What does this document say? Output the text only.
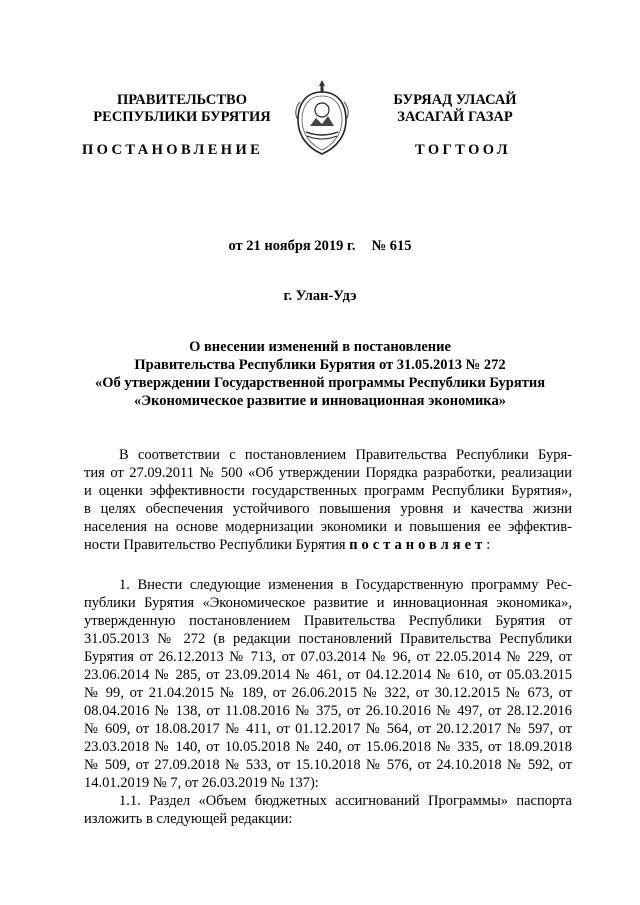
ПРАВИТЕЛЬСТВО
РЕСПУБЛИКИ БУРЯТИЯ
БУРЯАД УЛАСАЙ
ЗАСАГАЙ ГАЗАР
ПОСТАНОВЛЕНИЕ	ТОГТООЛ
от 21 ноября 2019 г. № 615
г. Улан-Удэ
О внесении изменений в постановление
Правительства Республики Бурятия от 31.05.2013 № 272
«Об утверждении Государственной программы Республики Бурятия
«Экономическое развитие и инновационная экономика»
В соответствии с постановлением Правительства Республики Буря-
тия от 27.09.2011 № 500 «Об утверждении Порядка разработки, реализации
и оценки эффективности государственных программ Республики Бурятия»,
в целях обеспечения устойчивого повышения уровня и качества жизни
населения на основе модернизации экономики и повышения ее эффектив-
ности Правительство Республики Бурятия постановляет:
1. Внести следующие изменения в Государственную программу Рес-
публики Бурятия «Экономическое развитие и инновационная экономика»,
утвержденную постановлением Правительства Республики Бурятия от
31.05.2013 № 272 (в редакции постановлений Правительства Республики
Бурятия от 26.12.2013 № 713, от 07.03.2014 № 96, от 22.05.2014 № 229, от
23.06.2014 № 285, от 23.09.2014 № 461, от 04.12.2014 № 610, от 05.03.2015
№ 99, от 21.04.2015 № 189, от 26.06.2015 № 322, от 30.12.2015 № 673, от
08.04.2016 № 138, от 11.08.2016 № 375, от 26.10.2016 № 497, от 28.12.2016
№ 609, от 18.08.2017 № 411, от 01.12.2017 № 564, от 20.12.2017 № 597, от
23.03.2018 № 140, от 10.05.2018 № 240, от 15.06.2018 № 335, от 18.09.2018
№ 509, от 27.09.2018 № 533, от 15.10.2018 № 576, от 24.10.2018 № 592, от
14.01.2019 № 7, от 26.03.2019 № 137):
1.1. Раздел «Объем бюджетных ассигнований Программы» паспорта
изложить в следующей редакции:
